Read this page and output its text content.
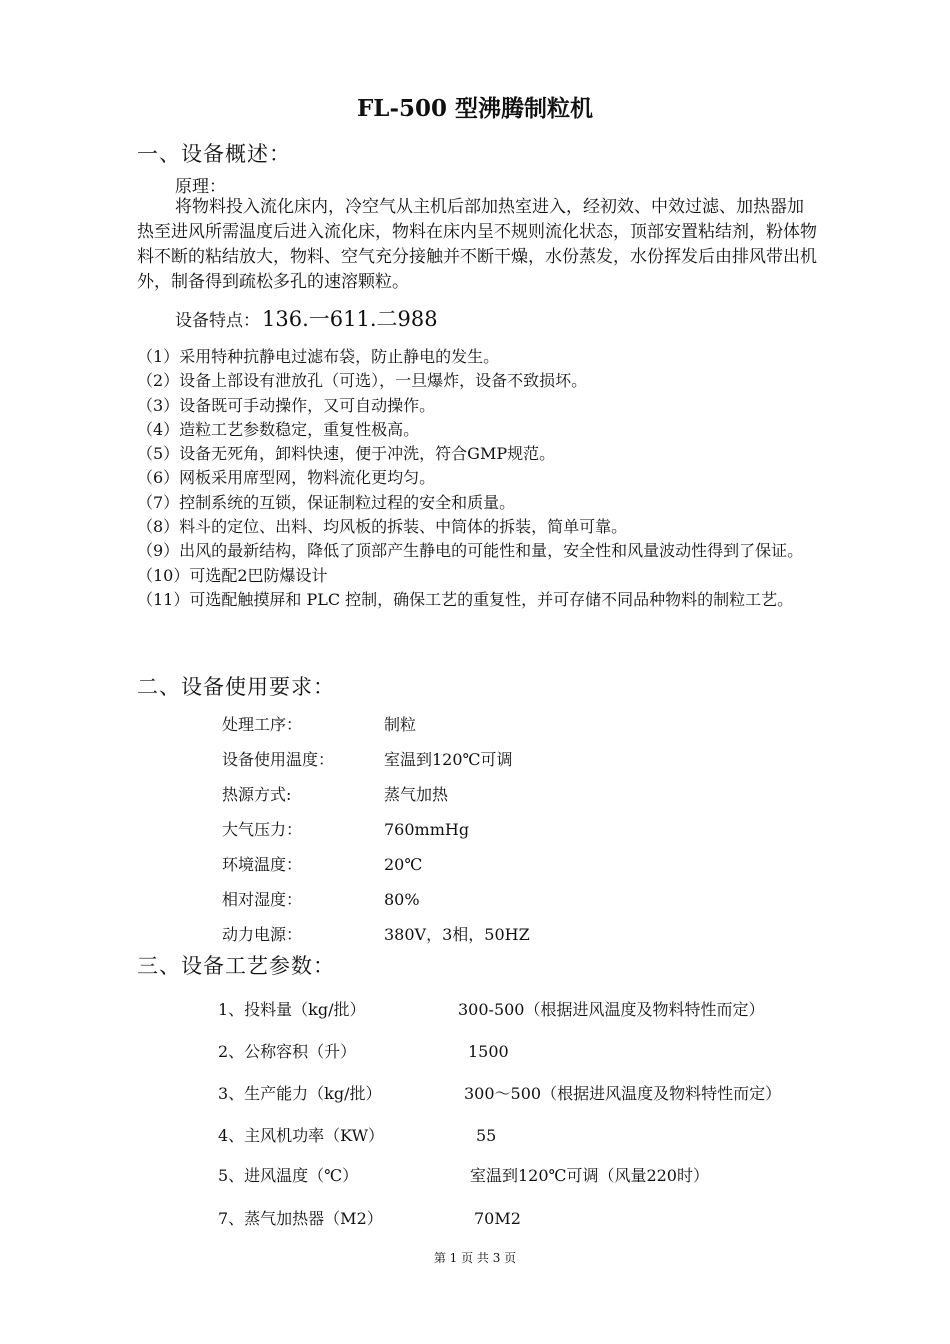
FL-500 型沸腾制粒机
一、设备概述：
原理：
将物料投入流化床内，冷空气从主机后部加热室进入，经初效、中效过滤、加热器加热至进风所需温度后进入流化床，物料在床内呈不规则流化状态，顶部安置粘结剂，粉体物料不断的粘结放大，物料、空气充分接触并不断干燥，水份蒸发，水份挥发后由排风带出机外，制备得到疏松多孔的速溶颗粒。
设备特点：136.一611.二988
（1）采用特种抗静电过滤布袋，防止静电的发生。
（2）设备上部设有泄放孔（可选），一旦爆炸，设备不致损坏。
（3）设备既可手动操作，又可自动操作。
（4）造粒工艺参数稳定，重复性极高。
（5）设备无死角，卸料快速，便于冲洗，符合GMP规范。
（6）网板采用席型网，物料流化更均匀。
（7）控制系统的互锁，保证制粒过程的安全和质量。
（8）料斗的定位、出料、均风板的拆装、中筒体的拆装，简单可靠。
（9）出风的最新结构，降低了顶部产生静电的可能性和量，安全性和风量波动性得到了保证。
（10）可选配2巴防爆设计
（11）可选配触摸屏和 PLC 控制，确保工艺的重复性，并可存储不同品种物料的制粒工艺。
二、设备使用要求：
处理工序：	制粒
设备使用温度：	室温到120℃可调
热源方式:	蒸气加热
大气压力：	760mmHg
环境温度：	20℃
相对湿度：	80%
动力电源：	380V，3相，50HZ
三、设备工艺参数：
1、投料量（kg/批）	300-500（根据进风温度及物料特性而定）
2、公称容积（升）	1500
3、生产能力（kg/批）	300～500（根据进风温度及物料特性而定）
4、主风机功率（KW）	55
5、进风温度（℃）	室温到120℃可调（风量220时）
7、蒸气加热器（M2）	70M2
第 1 页 共 3 页
